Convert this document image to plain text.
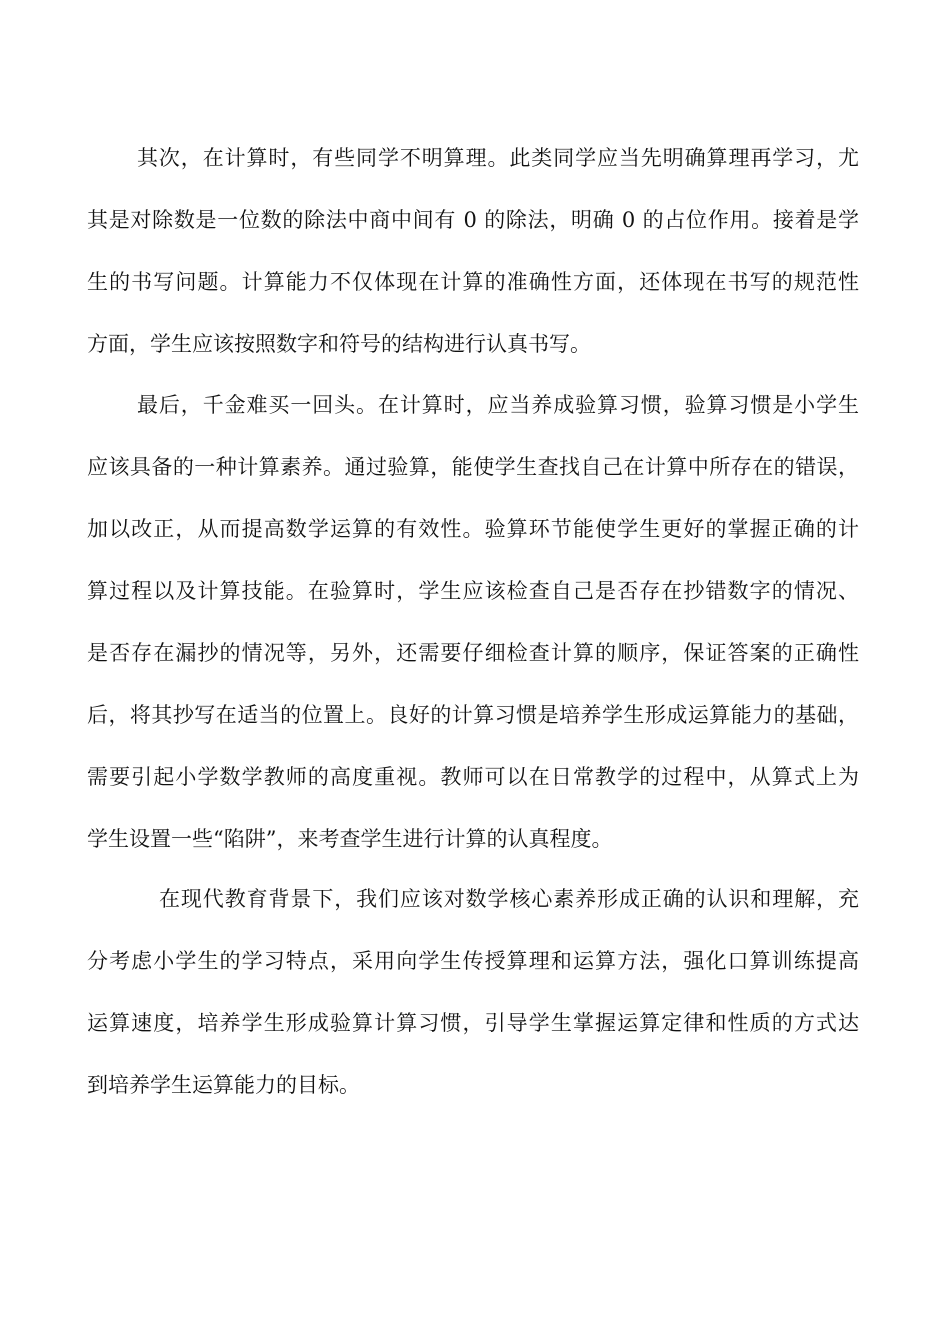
其次，在计算时，有些同学不明算理。此类同学应当先明确算理再学习，尤
其是对除数是一位数的除法中商中间有 0 的除法，明确 0 的占位作用。接着是学
生的书写问题。计算能力不仅体现在计算的准确性方面，还体现在书写的规范性
方面，学生应该按照数字和符号的结构进行认真书写。
最后，千金难买一回头。在计算时，应当养成验算习惯，验算习惯是小学生
应该具备的一种计算素养。通过验算，能使学生查找自己在计算中所存在的错误，
加以改正，从而提高数学运算的有效性。验算环节能使学生更好的掌握正确的计
算过程以及计算技能。在验算时，学生应该检查自己是否存在抄错数字的情况、
是否存在漏抄的情况等，另外，还需要仔细检查计算的顺序，保证答案的正确性
后，将其抄写在适当的位置上。良好的计算习惯是培养学生形成运算能力的基础，
需要引起小学数学教师的高度重视。教师可以在日常教学的过程中，从算式上为
学生设置一些“陷阱”，来考查学生进行计算的认真程度。
在现代教育背景下，我们应该对数学核心素养形成正确的认识和理解，充
分考虑小学生的学习特点，采用向学生传授算理和运算方法，强化口算训练提高
运算速度，培养学生形成验算计算习惯，引导学生掌握运算定律和性质的方式达
到培养学生运算能力的目标。
